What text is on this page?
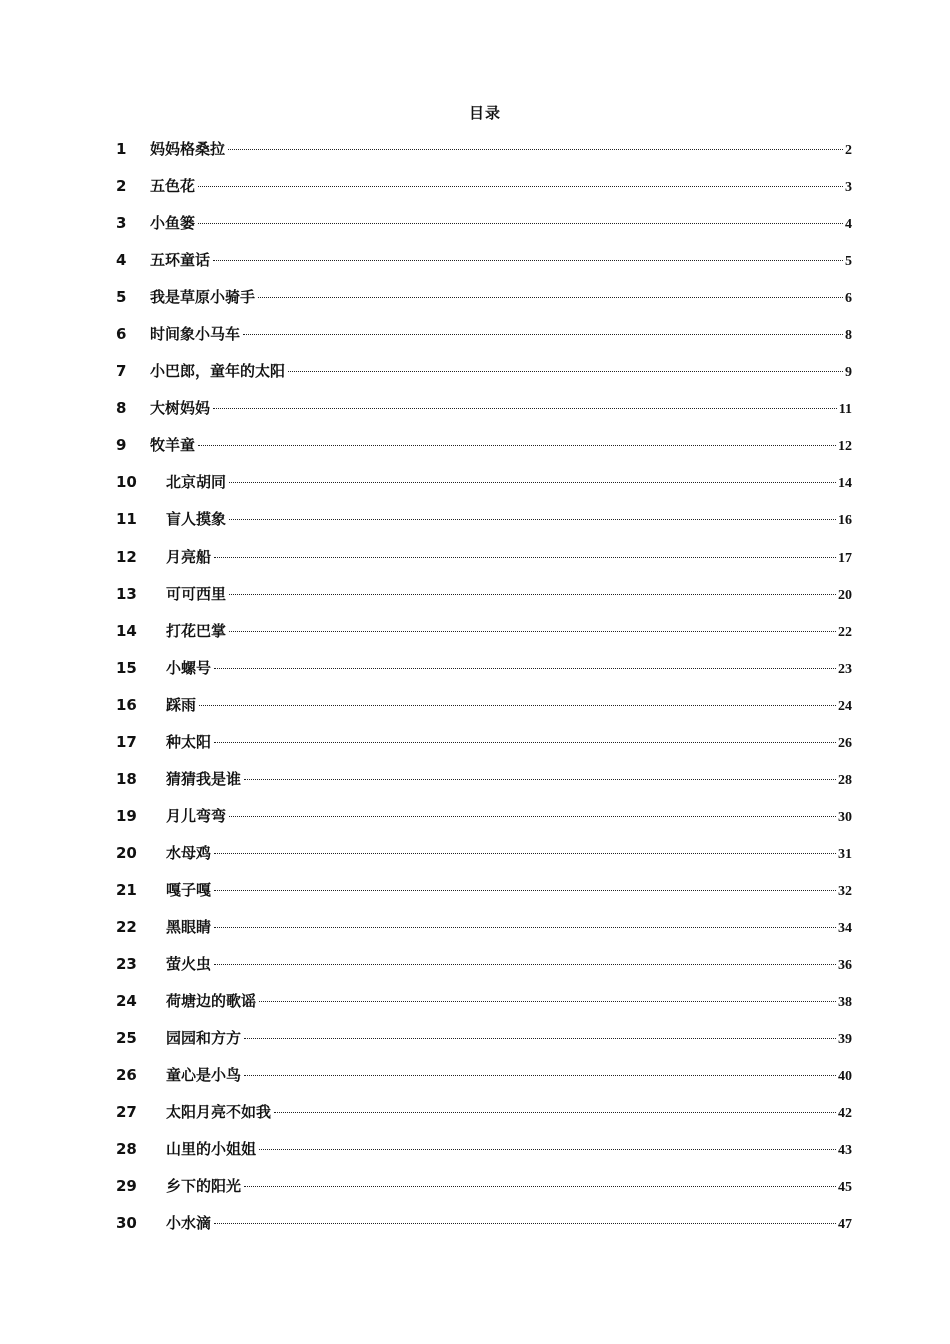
目录
1	妈妈格桑拉	2
2	五色花	3
3	小鱼篓	4
4	五环童话	5
5	我是草原小骑手	6
6	时间象小马车	8
7	小巴郎，童年的太阳	9
8	大树妈妈	11
9	牧羊童	12
10	北京胡同	14
11	盲人摸象	16
12	月亮船	17
13	可可西里	20
14	打花巴掌	22
15	小螺号	23
16	踩雨	24
17	种太阳	26
18	猜猜我是谁	28
19	月儿弯弯	30
20	水母鸡	31
21	嘎子嘎	32
22	黑眼睛	34
23	萤火虫	36
24	荷塘边的歌谣	38
25	园园和方方	39
26	童心是小鸟	40
27	太阳月亮不如我	42
28	山里的小姐姐	43
29	乡下的阳光	45
30	小水滴	47
